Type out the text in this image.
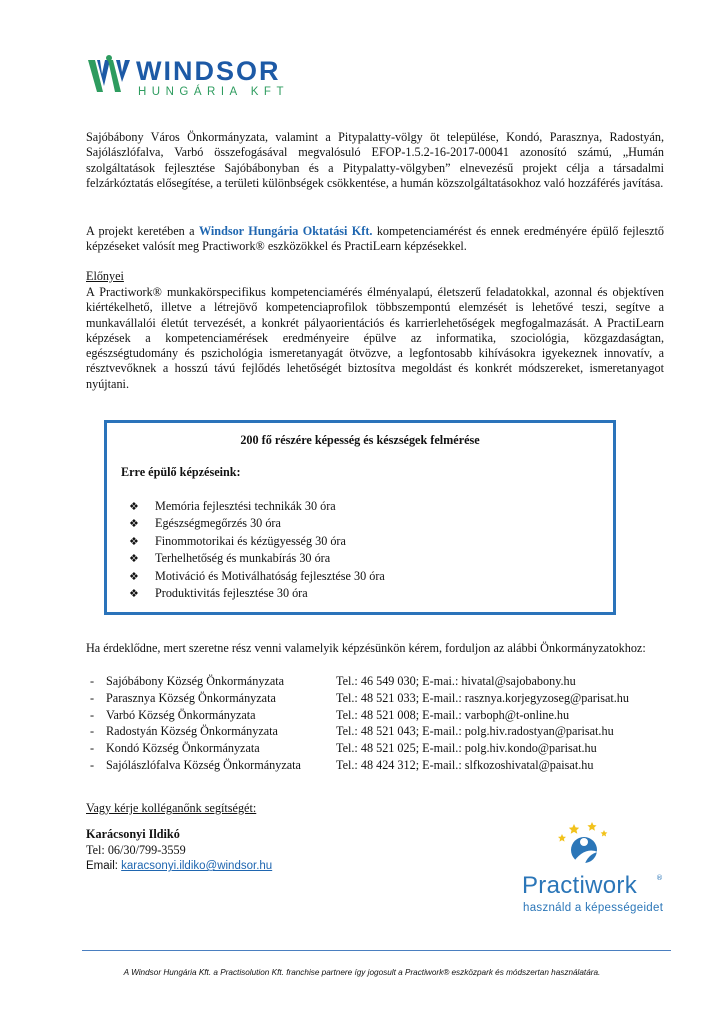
WINDSOR
HUNGÁRIA KFT
Sajóbábony Város Önkormányzata, valamint a Pitypalatty-völgy öt települése, Kondó, Parasznya, Radostyán, Sajólászlófalva, Varbó összefogásával megvalósuló EFOP-1.5.2-16-2017-00041 azonosító számú, „Humán szolgáltatások fejlesztése Sajóbábonyban és a Pitypalatty-völgyben” elnevezésű projekt célja a társadalmi felzárkóztatás elősegítése, a területi különbségek csökkentése, a humán közszolgáltatásokhoz való hozzáférés javítása.
A projekt keretében a Windsor Hungária Oktatási Kft. kompetenciamérést és ennek eredményére épülő fejlesztő képzéseket valósít meg Practiwork® eszközökkel és PractiLearn képzésekkel.
Előnyei
A Practiwork® munkakörspecifikus kompetenciamérés élményalapú, életszerű feladatokkal, azonnal és objektíven kiértékelhető, illetve a létrejövő kompetenciaprofilok többszempontú elemzését is lehetővé teszi, segítve a munkavállalói életút tervezését, a konkrét pályaorientációs és karrierlehetőségek megfogalmazását. A PractiLearn képzések a kompetenciamérések eredményeire épülve az informatika, szociológia, közgazdaságtan, egészségtudomány és pszichológia ismeretanyagát ötvözve, a legfontosabb kihívásokra igyekeznek innovatív, a résztvevőknek a hosszú távú fejlődés lehetőségét biztosítva megoldást és konkrét módszereket, ismeretanyagot nyújtani.
200 fő részére képesség és készségek felmérése
Erre épülő képzéseink:
❖ Memória fejlesztési technikák 30 óra
❖ Egészségmegőrzés 30 óra
❖ Finommotorikai és kézügyesség 30 óra
❖ Terhelhetőség és munkabírás 30 óra
❖ Motiváció és Motiválhatóság fejlesztése 30 óra
❖ Produktivitás fejlesztése 30 óra
Ha érdeklődne, mert szeretne rész venni valamelyik képzésünkön kérem, forduljon az alábbi Önkormányzatokhoz:
- Sajóbábony Község Önkormányzata	Tel.: 46 549 030; E-mai.: hivatal@sajobabony.hu
- Parasznya Község Önkormányzata	Tel.: 48 521 033; E-mail.: rasznya.korjegyzoseg@parisat.hu
- Varbó Község Önkormányzata	Tel.: 48 521 008; E-mail.: varboph@t-online.hu
- Radostyán Község Önkormányzata	Tel.: 48 521 043; E-mail.: polg.hiv.radostyan@parisat.hu
- Kondó Község Önkormányzata	Tel.: 48 521 025; E-mail.: polg.hiv.kondo@parisat.hu
- Sajólászlófalva Község Önkormányzata	Tel.: 48 424 312; E-mail.: slfkozoshivatal@paisat.hu
Vagy kérje kolléganőnk segítségét:
Karácsonyi Ildikó
Tel: 06/30/799-3559
Email: karacsonyi.ildiko@windsor.hu
Practiwork	®
használd a képességeidet
A Windsor Hungária Kft. a Practisolution Kft. franchise partnere így jogosult a Practiwork® eszközpark és módszertan használatára.
